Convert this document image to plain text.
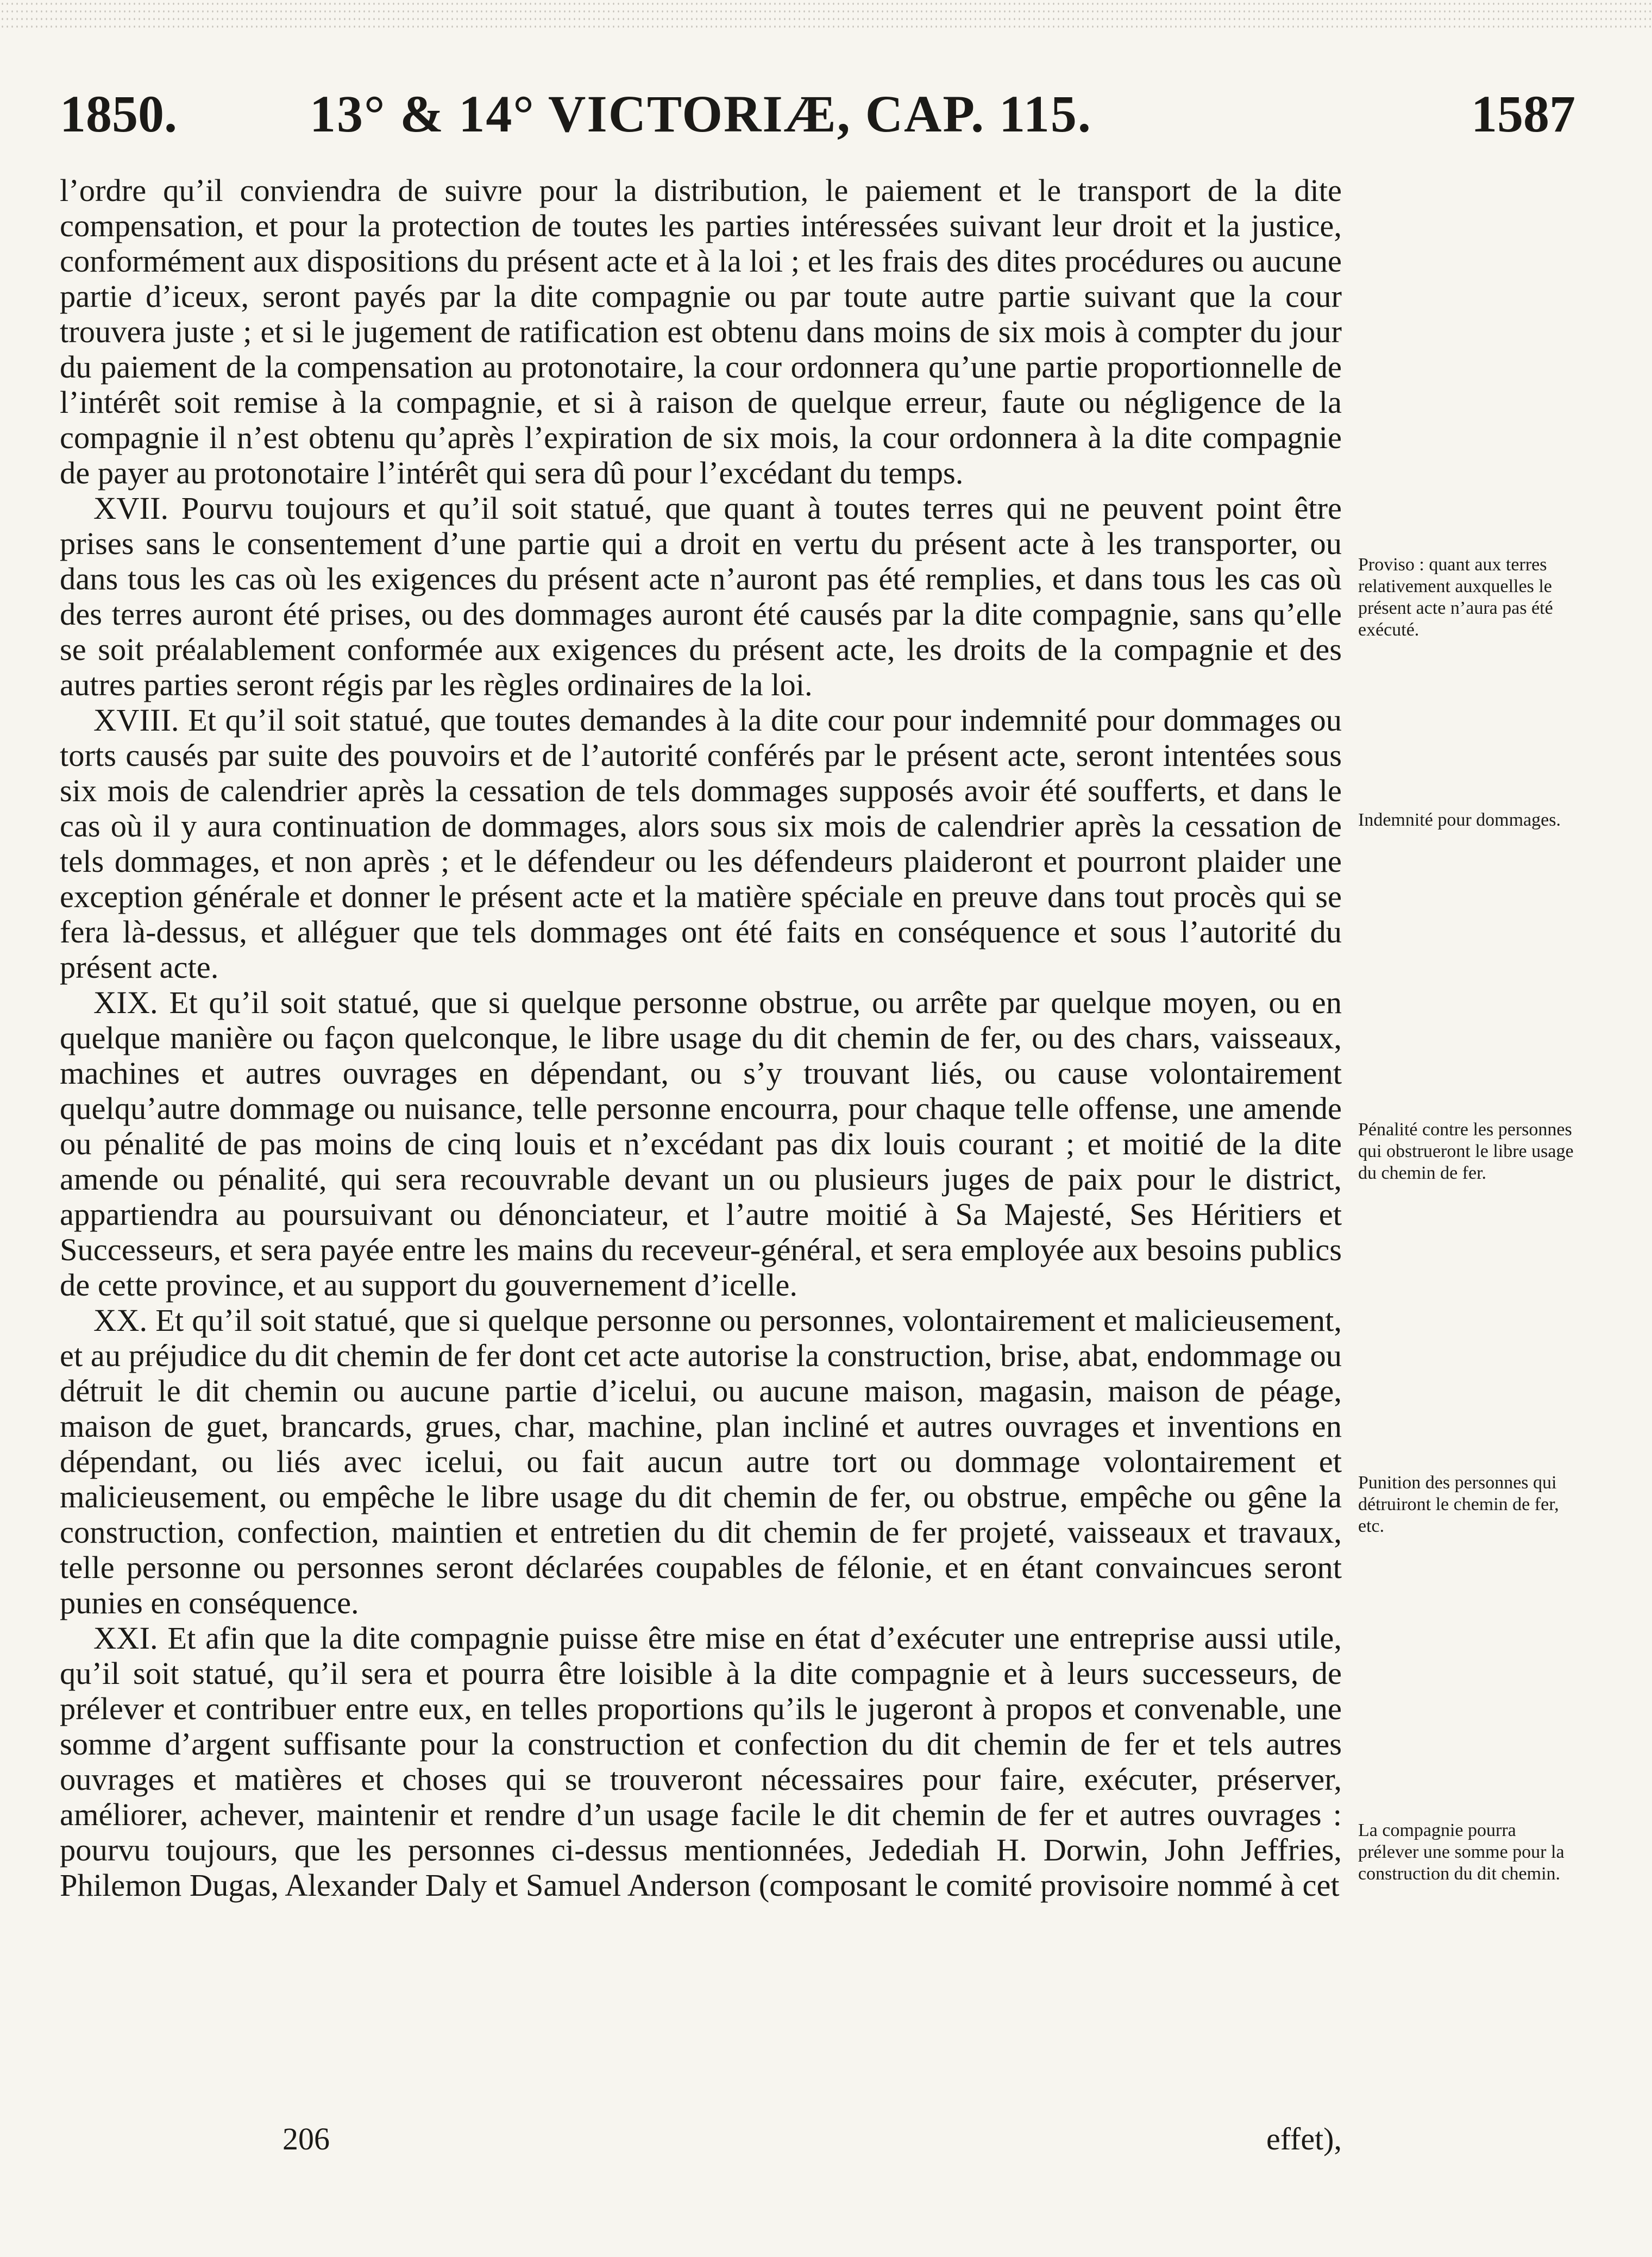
1850.	13° & 14° VICTORIÆ, CAP. 115.	1587

l’ordre qu’il conviendra de suivre pour la distribution, le paiement et le transport de la dite compensation, et pour la protection de toutes les parties intéressées suivant leur droit et la justice, conformément aux dispositions du présent acte et à la loi ; et les frais des dites procédures ou aucune partie d’iceux, seront payés par la dite compagnie ou par toute autre partie suivant que la cour trouvera juste ; et si le jugement de ratification est obtenu dans moins de six mois à compter du jour du paiement de la compensation au protonotaire, la cour ordonnera qu’une partie proportionnelle de l’intérêt soit remise à la compagnie, et si à raison de quelque erreur, faute ou négligence de la compagnie il n’est obtenu qu’après l’expiration de six mois, la cour ordonnera à la dite compagnie de payer au protonotaire l’intérêt qui sera dû pour l’excédant du temps.

XVII. Pourvu toujours et qu’il soit statué, que quant à toutes terres qui ne peuvent point être prises sans le consentement d’une partie qui a droit en vertu du présent acte à les transporter, ou dans tous les cas où les exigences du présent acte n’auront pas été remplies, et dans tous les cas où des terres auront été prises, ou des dommages auront été causés par la dite compagnie, sans qu’elle se soit préalablement conformée aux exigences du présent acte, les droits de la compagnie et des autres parties seront régis par les règles ordinaires de la loi.

XVIII. Et qu’il soit statué, que toutes demandes à la dite cour pour indemnité pour dommages ou torts causés par suite des pouvoirs et de l’autorité conférés par le présent acte, seront intentées sous six mois de calendrier après la cessation de tels dommages supposés avoir été soufferts, et dans le cas où il y aura continuation de dommages, alors sous six mois de calendrier après la cessation de tels dommages, et non après ; et le défendeur ou les défendeurs plaideront et pourront plaider une exception générale et donner le présent acte et la matière spéciale en preuve dans tout procès qui se fera là-dessus, et alléguer que tels dommages ont été faits en conséquence et sous l’autorité du présent acte.

XIX. Et qu’il soit statué, que si quelque personne obstrue, ou arrête par quelque moyen, ou en quelque manière ou façon quelconque, le libre usage du dit chemin de fer, ou des chars, vaisseaux, machines et autres ouvrages en dépendant, ou s’y trouvant liés, ou cause volontairement quelqu’autre dommage ou nuisance, telle personne encourra, pour chaque telle offense, une amende ou pénalité de pas moins de cinq louis et n’excédant pas dix louis courant ; et moitié de la dite amende ou pénalité, qui sera recouvrable devant un ou plusieurs juges de paix pour le district, appartiendra au poursuivant ou dénonciateur, et l’autre moitié à Sa Majesté, Ses Héritiers et Successeurs, et sera payée entre les mains du receveur-général, et sera employée aux besoins publics de cette province, et au support du gouvernement d’icelle.

XX. Et qu’il soit statué, que si quelque personne ou personnes, volontairement et malicieusement, et au préjudice du dit chemin de fer dont cet acte autorise la construction, brise, abat, endommage ou détruit le dit chemin ou aucune partie d’icelui, ou aucune maison, magasin, maison de péage, maison de guet, brancards, grues, char, machine, plan incliné et autres ouvrages et inventions en dépendant, ou liés avec icelui, ou fait aucun autre tort ou dommage volontairement et malicieusement, ou empêche le libre usage du dit chemin de fer, ou obstrue, empêche ou gêne la construction, confection, maintien et entretien du dit chemin de fer projeté, vaisseaux et travaux, telle personne ou personnes seront déclarées coupables de félonie, et en étant convaincues seront punies en conséquence.

XXI. Et afin que la dite compagnie puisse être mise en état d’exécuter une entreprise aussi utile, qu’il soit statué, qu’il sera et pourra être loisible à la dite compagnie et à leurs successeurs, de prélever et contribuer entre eux, en telles proportions qu’ils le jugeront à propos et convenable, une somme d’argent suffisante pour la construction et confection du dit chemin de fer et tels autres ouvrages et matières et choses qui se trouveront nécessaires pour faire, exécuter, préserver, améliorer, achever, maintenir et rendre d’un usage facile le dit chemin de fer et autres ouvrages : pourvu toujours, que les personnes ci-dessus mentionnées, Jedediah H. Dorwin, John Jeffries, Philemon Dugas, Alexander Daly et Samuel Anderson (composant le comité provisoire nommé à cet

Proviso : quant aux terres relativement auxquelles le présent acte n’aura pas été exécuté.
Indemnité pour dommages.
Pénalité contre les personnes qui obstrueront le libre usage du chemin de fer.
Punition des personnes qui détruiront le chemin de fer, etc.
La compagnie pourra prélever une somme pour la construction du dit chemin.
206	effet),
